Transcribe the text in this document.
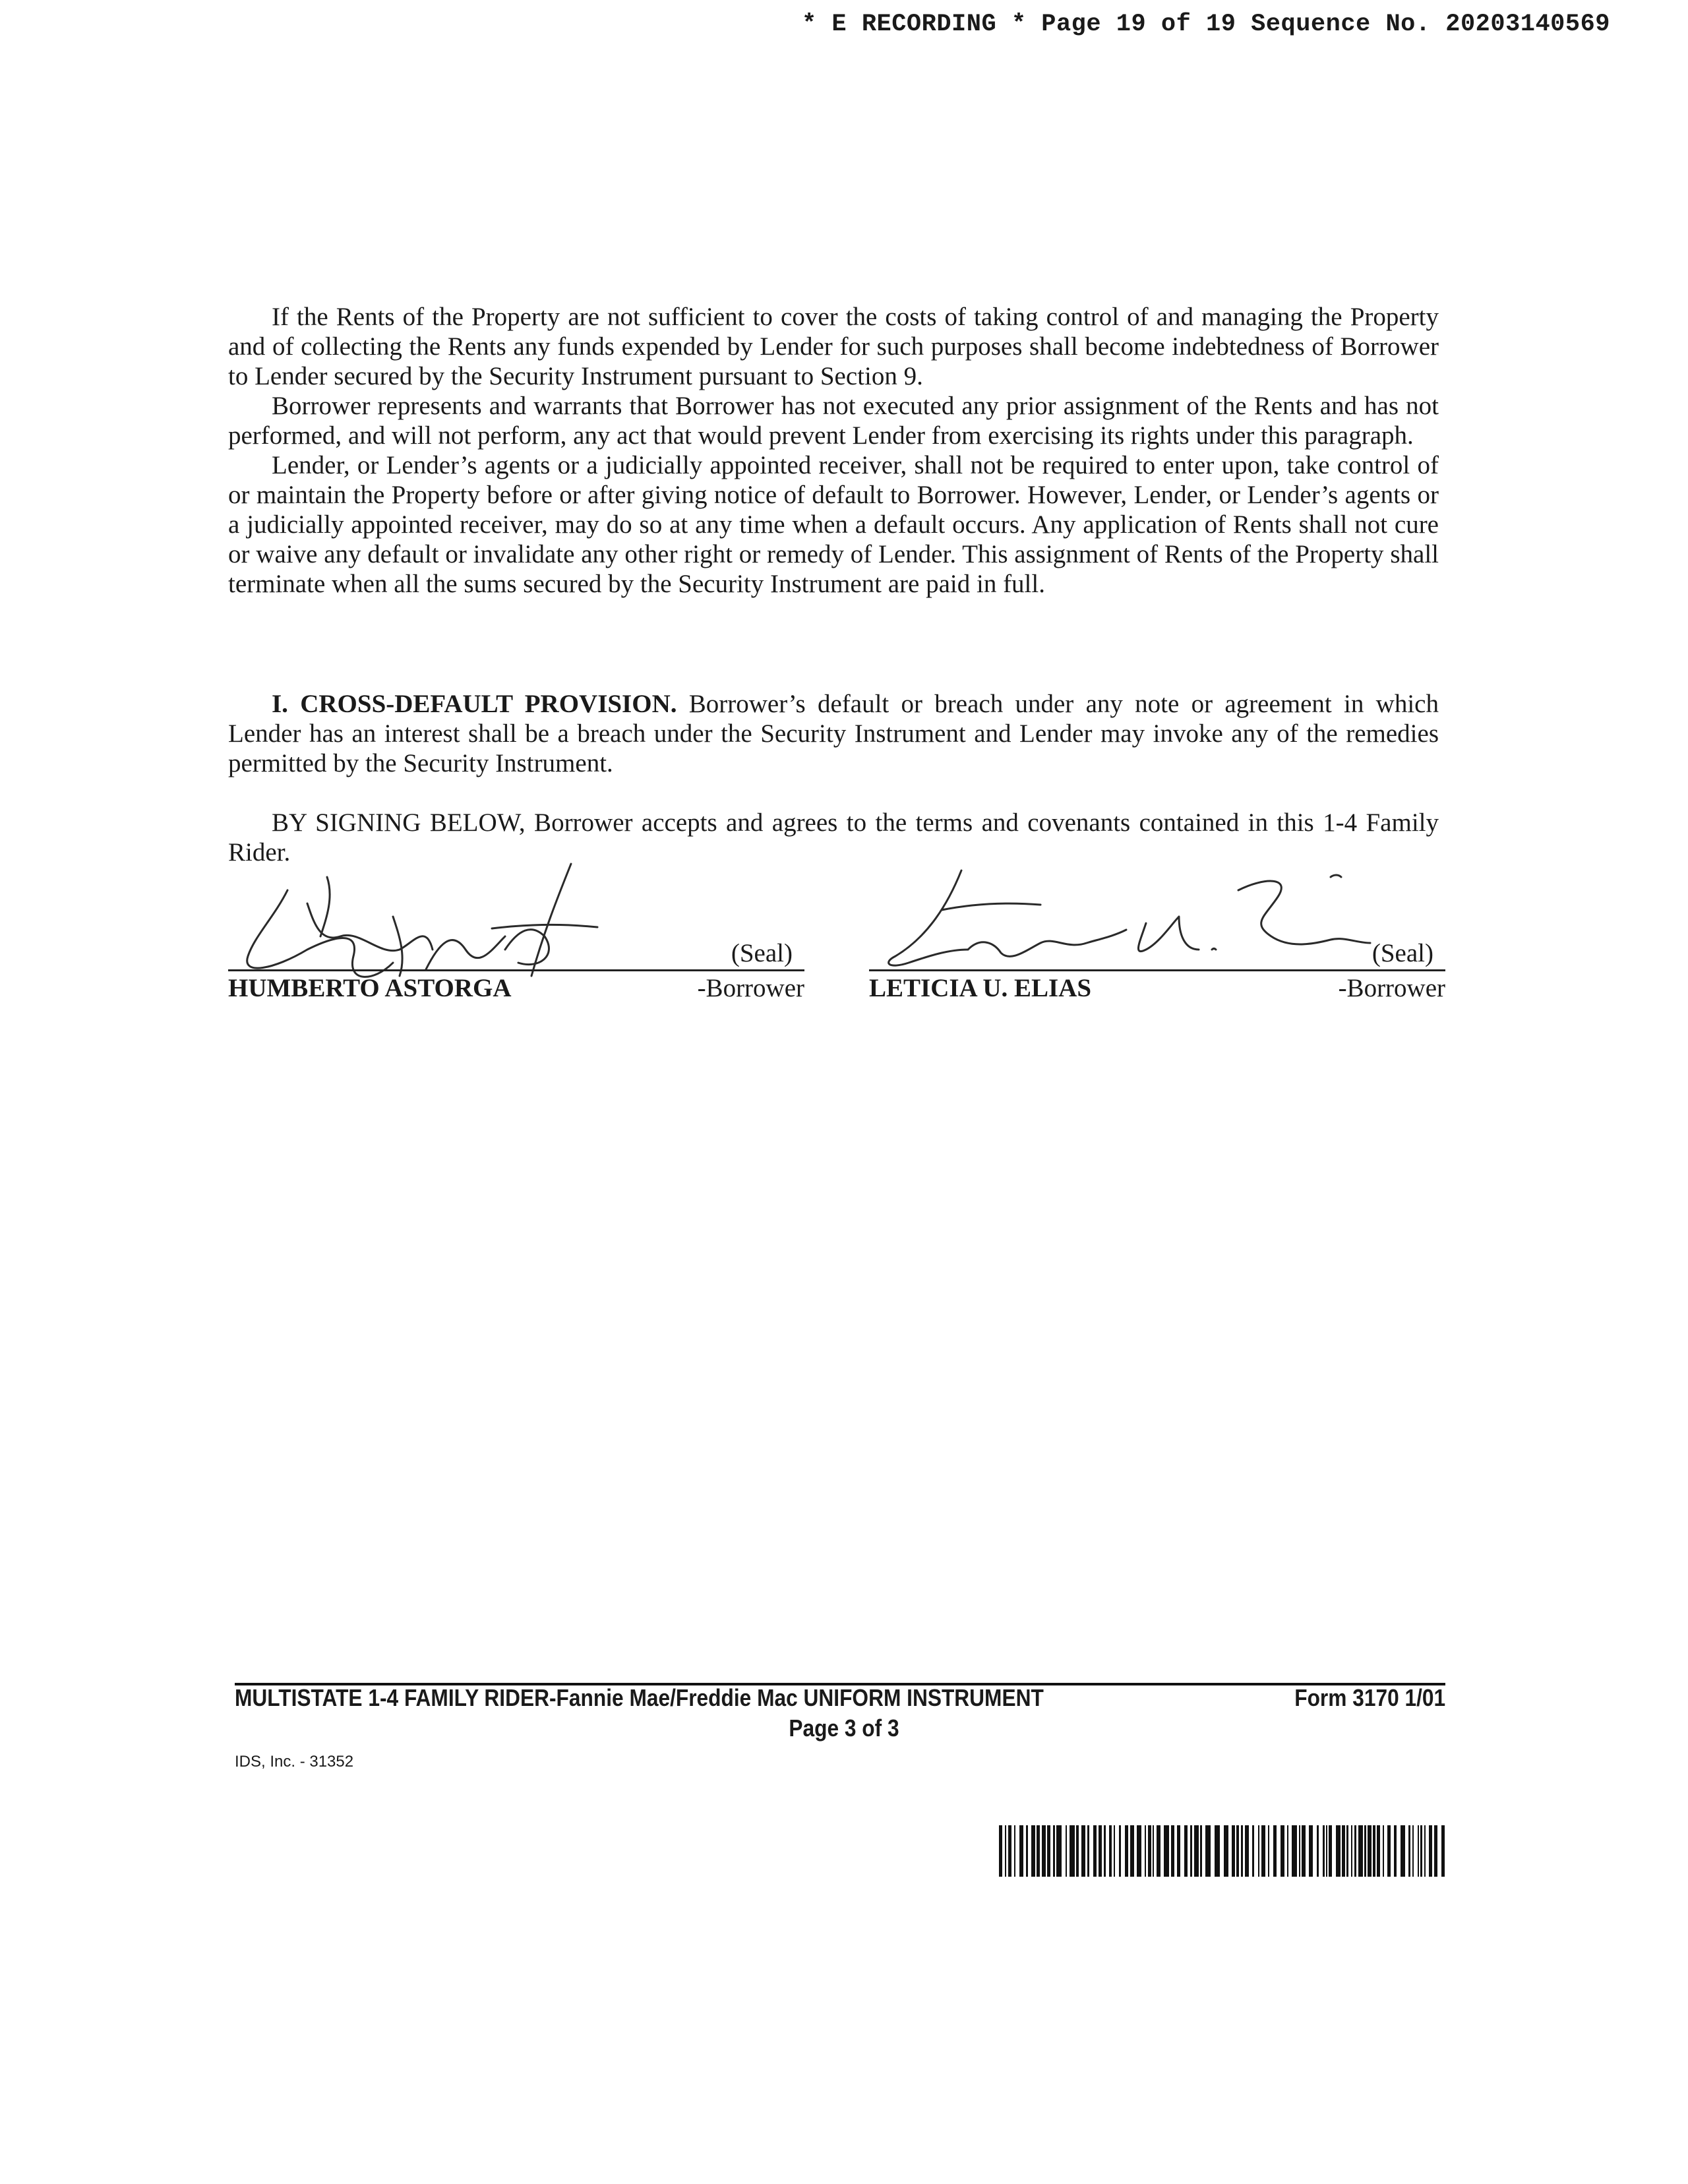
* E RECORDING * Page 19 of 19 Sequence No. 20203140569

If the Rents of the Property are not sufficient to cover the costs of taking control of and managing the Property and of collecting the Rents any funds expended by Lender for such purposes shall become indebtedness of Borrower to Lender secured by the Security Instrument pursuant to Section 9.

Borrower represents and warrants that Borrower has not executed any prior assignment of the Rents and has not performed, and will not perform, any act that would prevent Lender from exercising its rights under this paragraph.

Lender, or Lender’s agents or a judicially appointed receiver, shall not be required to enter upon, take control of or maintain the Property before or after giving notice of default to Borrower. However, Lender, or Lender’s agents or a judicially appointed receiver, may do so at any time when a default occurs. Any application of Rents shall not cure or waive any default or invalidate any other right or remedy of Lender. This assignment of Rents of the Property shall terminate when all the sums secured by the Security Instrument are paid in full.

I. CROSS-DEFAULT PROVISION. Borrower’s default or breach under any note or agreement in which Lender has an interest shall be a breach under the Security Instrument and Lender may invoke any of the remedies permitted by the Security Instrument.

BY SIGNING BELOW, Borrower accepts and agrees to the terms and covenants contained in this 1-4 Family Rider.

(Seal)
HUMBERTO ASTORGA	-Borrower
(Seal)
LETICIA U. ELIAS	-Borrower
MULTISTATE 1-4 FAMILY RIDER-Fannie Mae/Freddie Mac UNIFORM INSTRUMENT	Form 3170 1/01
Page 3 of 3
IDS, Inc. - 31352
